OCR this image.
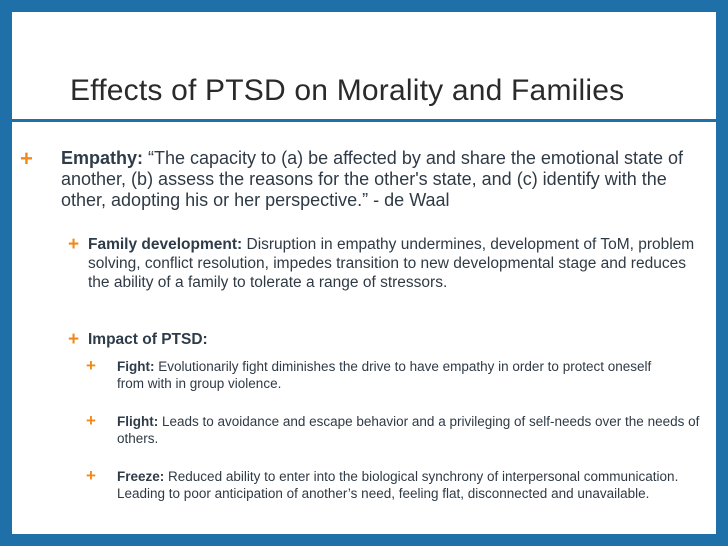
Effects of PTSD on Morality and Families
+ Empathy: “The capacity to (a) be affected by and share the emotional state of another, (b) assess the reasons for the other's state, and (c) identify with the other, adopting his or her perspective.” - de Waal
+ Family development: Disruption in empathy undermines, development of ToM, problem solving, conflict resolution, impedes transition to new developmental stage and reduces the ability of a family to tolerate a range of stressors.
+ Impact of PTSD:
+ Fight: Evolutionarily fight diminishes the drive to have empathy in order to protect oneself from with in group violence.
+ Flight: Leads to avoidance and escape behavior and a privileging of self-needs over the needs of others.
+ Freeze: Reduced ability to enter into the biological synchrony of interpersonal communication. Leading to poor anticipation of another’s need, feeling flat, disconnected and unavailable.
